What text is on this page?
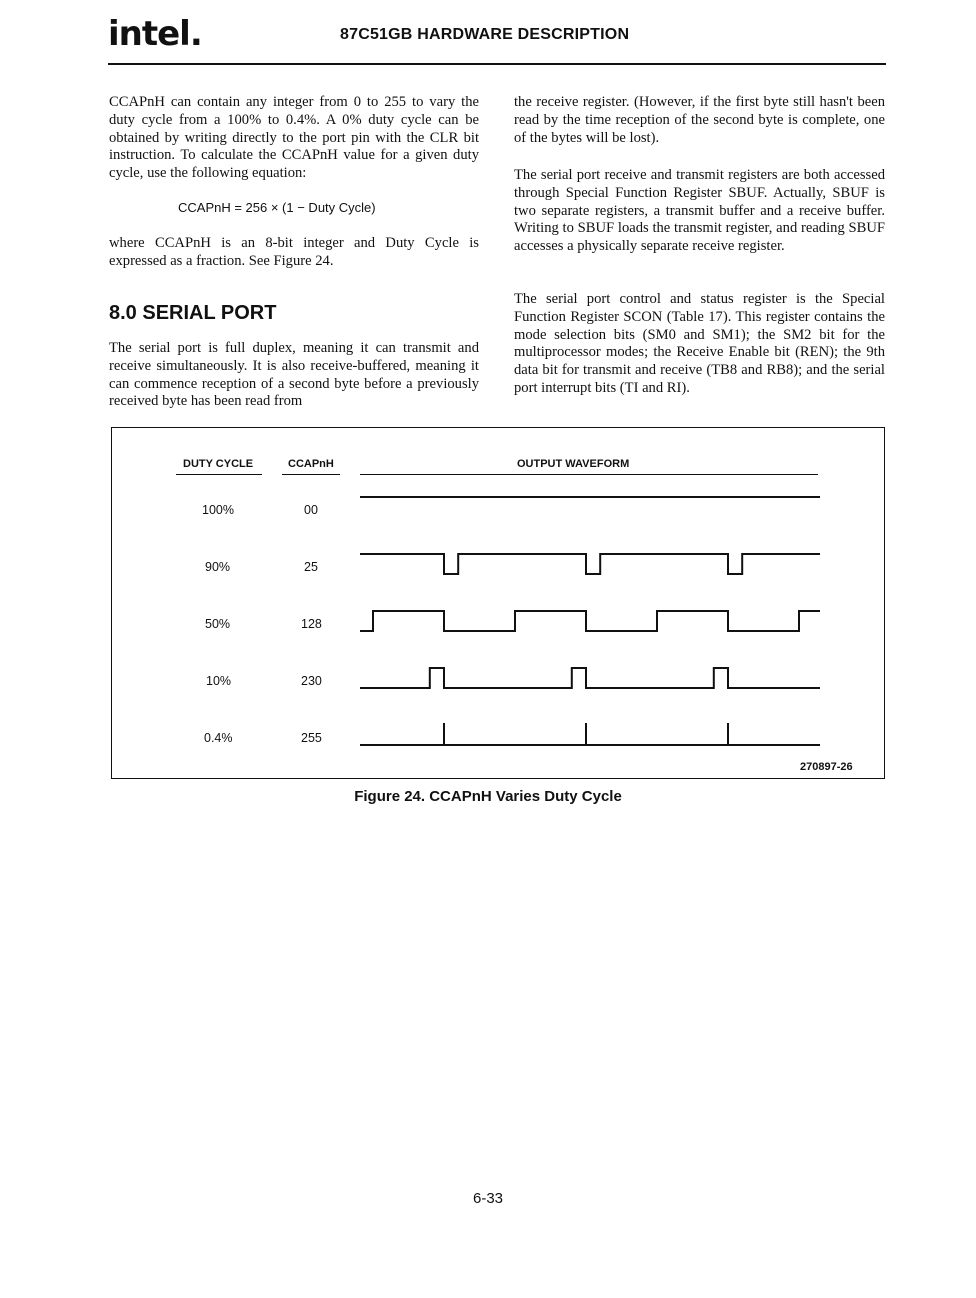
intel.	87C51GB HARDWARE DESCRIPTION

CCAPnH can contain any integer from 0 to 255 to vary the duty cycle from a 100% to 0.4%. A 0% duty cycle can be obtained by writing directly to the port pin with the CLR bit instruction. To calculate the CCAPnH value for a given duty cycle, use the following equation:

CCAPnH = 256 × (1 − Duty Cycle)

where CCAPnH is an 8-bit integer and Duty Cycle is expressed as a fraction. See Figure 24.

8.0 SERIAL PORT

The serial port is full duplex, meaning it can transmit and receive simultaneously. It is also receive-buffered, meaning it can commence reception of a second byte before a previously received byte has been read from

the receive register. (However, if the first byte still hasn't been read by the time reception of the second byte is complete, one of the bytes will be lost).

The serial port receive and transmit registers are both accessed through Special Function Register SBUF. Actually, SBUF is two separate registers, a transmit buffer and a receive buffer. Writing to SBUF loads the transmit register, and reading SBUF accesses a physically separate receive register.

The serial port control and status register is the Special Function Register SCON (Table 17). This register contains the mode selection bits (SM0 and SM1); the SM2 bit for the multiprocessor modes; the Receive Enable bit (REN); the 9th data bit for transmit and receive (TB8 and RB8); and the serial port interrupt bits (TI and RI).

DUTY CYCLE	CCAPnH	OUTPUT WAVEFORM
100%	00
90%	25
50%	128
10%	230
0.4%	255
270897-26
Figure 24. CCAPnH Varies Duty Cycle
6-33
